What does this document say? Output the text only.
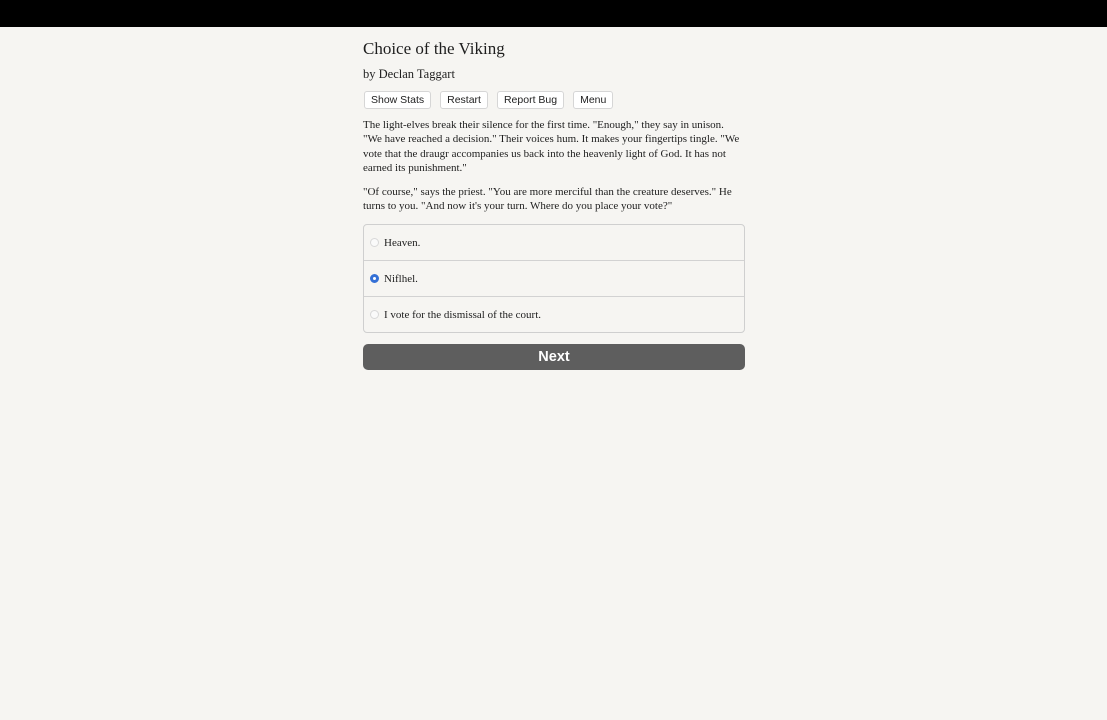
Choice of the Viking
by Declan Taggart
Show Stats	Restart	Report Bug	Menu

The light-elves break their silence for the first time. "Enough," they say in unison. "We have reached a decision." Their voices hum. It makes your fingertips tingle. "We vote that the draugr accompanies us back into the heavenly light of God. It has not earned its punishment."

"Of course," says the priest. "You are more merciful than the creature deserves." He turns to you. "And now it's your turn. Where do you place your vote?"

Heaven.
Niflhel.
I vote for the dismissal of the court.
Next
